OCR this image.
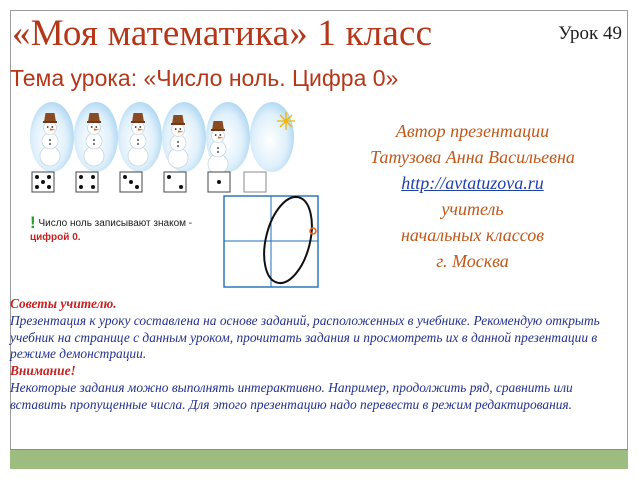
«Моя математика» 1 класс	Урок 49
Тема урока: «Число ноль. Цифра 0»
! Число ноль записывают знаком - цифрой 0.
Автор презентации
Татузова Анна Васильевна
http://avtatuzova.ru
учитель
начальных классов
г. Москва

Советы учителю.

Презентация к уроку составлена на основе заданий, расположенных в учебнике. Рекомендую открыть учебник на странице с данным уроком, прочитать задания и просмотреть их в данной презентации в режиме демонстрации.

Внимание!

Некоторые задания можно выполнять интерактивно. Например, продолжить ряд, сравнить или вставить пропущенные числа. Для этого презентацию надо перевести в режим редактирования.
